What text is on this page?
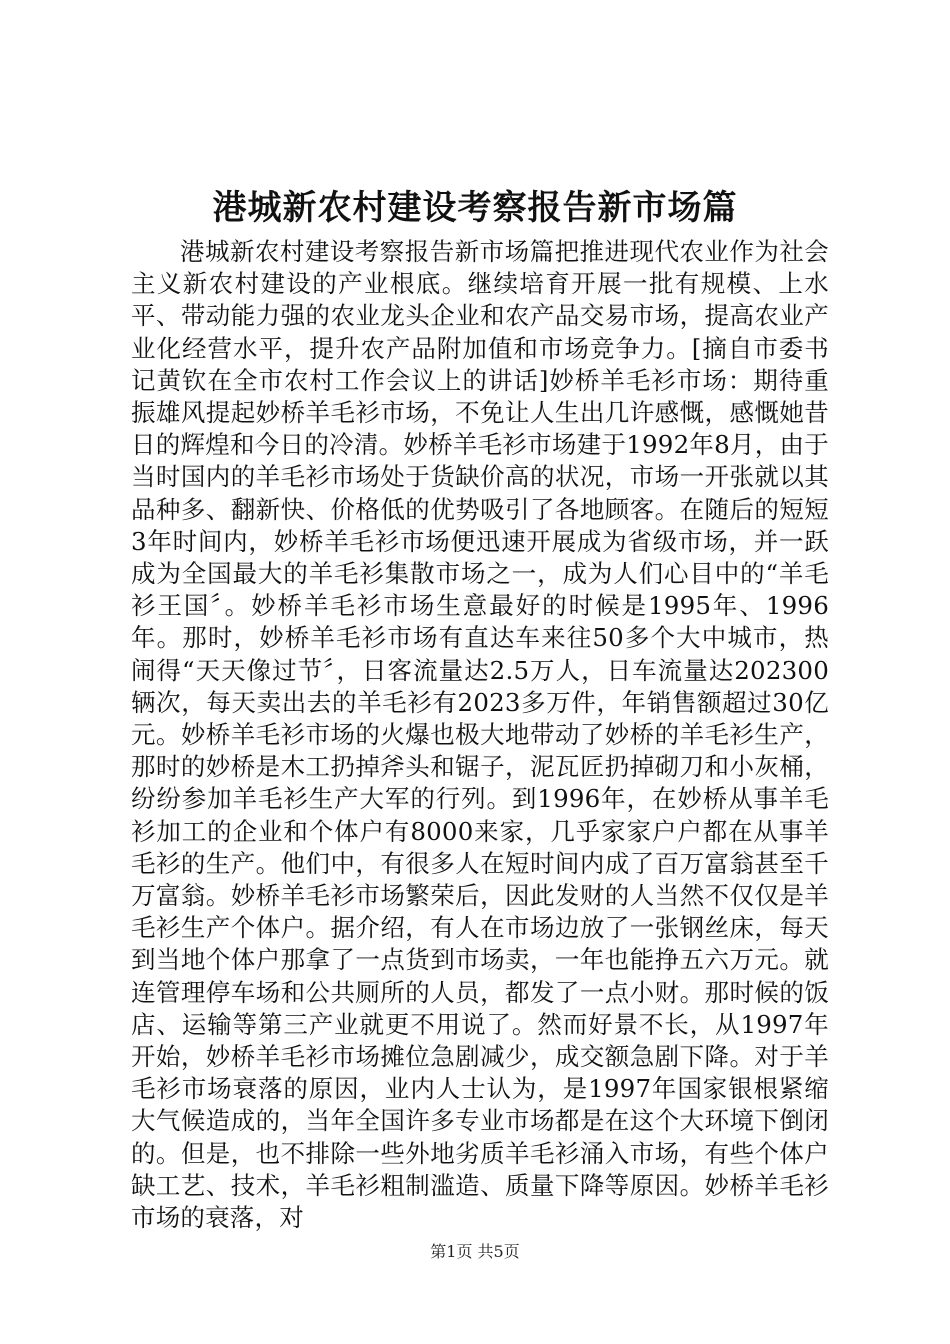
港城新农村建设考察报告新市场篇

港城新农村建设考察报告新市场篇把推进现代农业作为社会主义新农村建设的产业根底。继续培育开展一批有规模、上水平、带动能力强的农业龙头企业和农产品交易市场，提高农业产业化经营水平，提升农产品附加值和市场竞争力。[摘自市委书记黄钦在全市农村工作会议上的讲话]妙桥羊毛衫市场：期待重振雄风提起妙桥羊毛衫市场，不免让人生出几许感慨，感慨她昔日的辉煌和今日的冷清。妙桥羊毛衫市场建于1992年8月，由于当时国内的羊毛衫市场处于货缺价高的状况，市场一开张就以其品种多、翻新快、价格低的优势吸引了各地顾客。在随后的短短3年时间内，妙桥羊毛衫市场便迅速开展成为省级市场，并一跃成为全国最大的羊毛衫集散市场之一，成为人们心目中的“羊毛衫王国〞。妙桥羊毛衫市场生意最好的时候是1995年、1996年。那时，妙桥羊毛衫市场有直达车来往50多个大中城市，热闹得“天天像过节〞，日客流量达2.5万人，日车流量达202300辆次，每天卖出去的羊毛衫有2023多万件，年销售额超过30亿元。妙桥羊毛衫市场的火爆也极大地带动了妙桥的羊毛衫生产，那时的妙桥是木工扔掉斧头和锯子，泥瓦匠扔掉砌刀和小灰桶，纷纷参加羊毛衫生产大军的行列。到1996年，在妙桥从事羊毛衫加工的企业和个体户有8000来家，几乎家家户户都在从事羊毛衫的生产。他们中，有很多人在短时间内成了百万富翁甚至千万富翁。妙桥羊毛衫市场繁荣后，因此发财的人当然不仅仅是羊毛衫生产个体户。据介绍，有人在市场边放了一张钢丝床，每天到当地个体户那拿了一点货到市场卖，一年也能挣五六万元。就连管理停车场和公共厕所的人员，都发了一点小财。那时候的饭店、运输等第三产业就更不用说了。然而好景不长，从1997年开始，妙桥羊毛衫市场摊位急剧减少，成交额急剧下降。对于羊毛衫市场衰落的原因，业内人士认为，是1997年国家银根紧缩大气候造成的，当年全国许多专业市场都是在这个大环境下倒闭的。但是，也不排除一些外地劣质羊毛衫涌入市场，有些个体户缺工艺、技术，羊毛衫粗制滥造、质量下降等原因。妙桥羊毛衫市场的衰落，对

第1页 共5页
